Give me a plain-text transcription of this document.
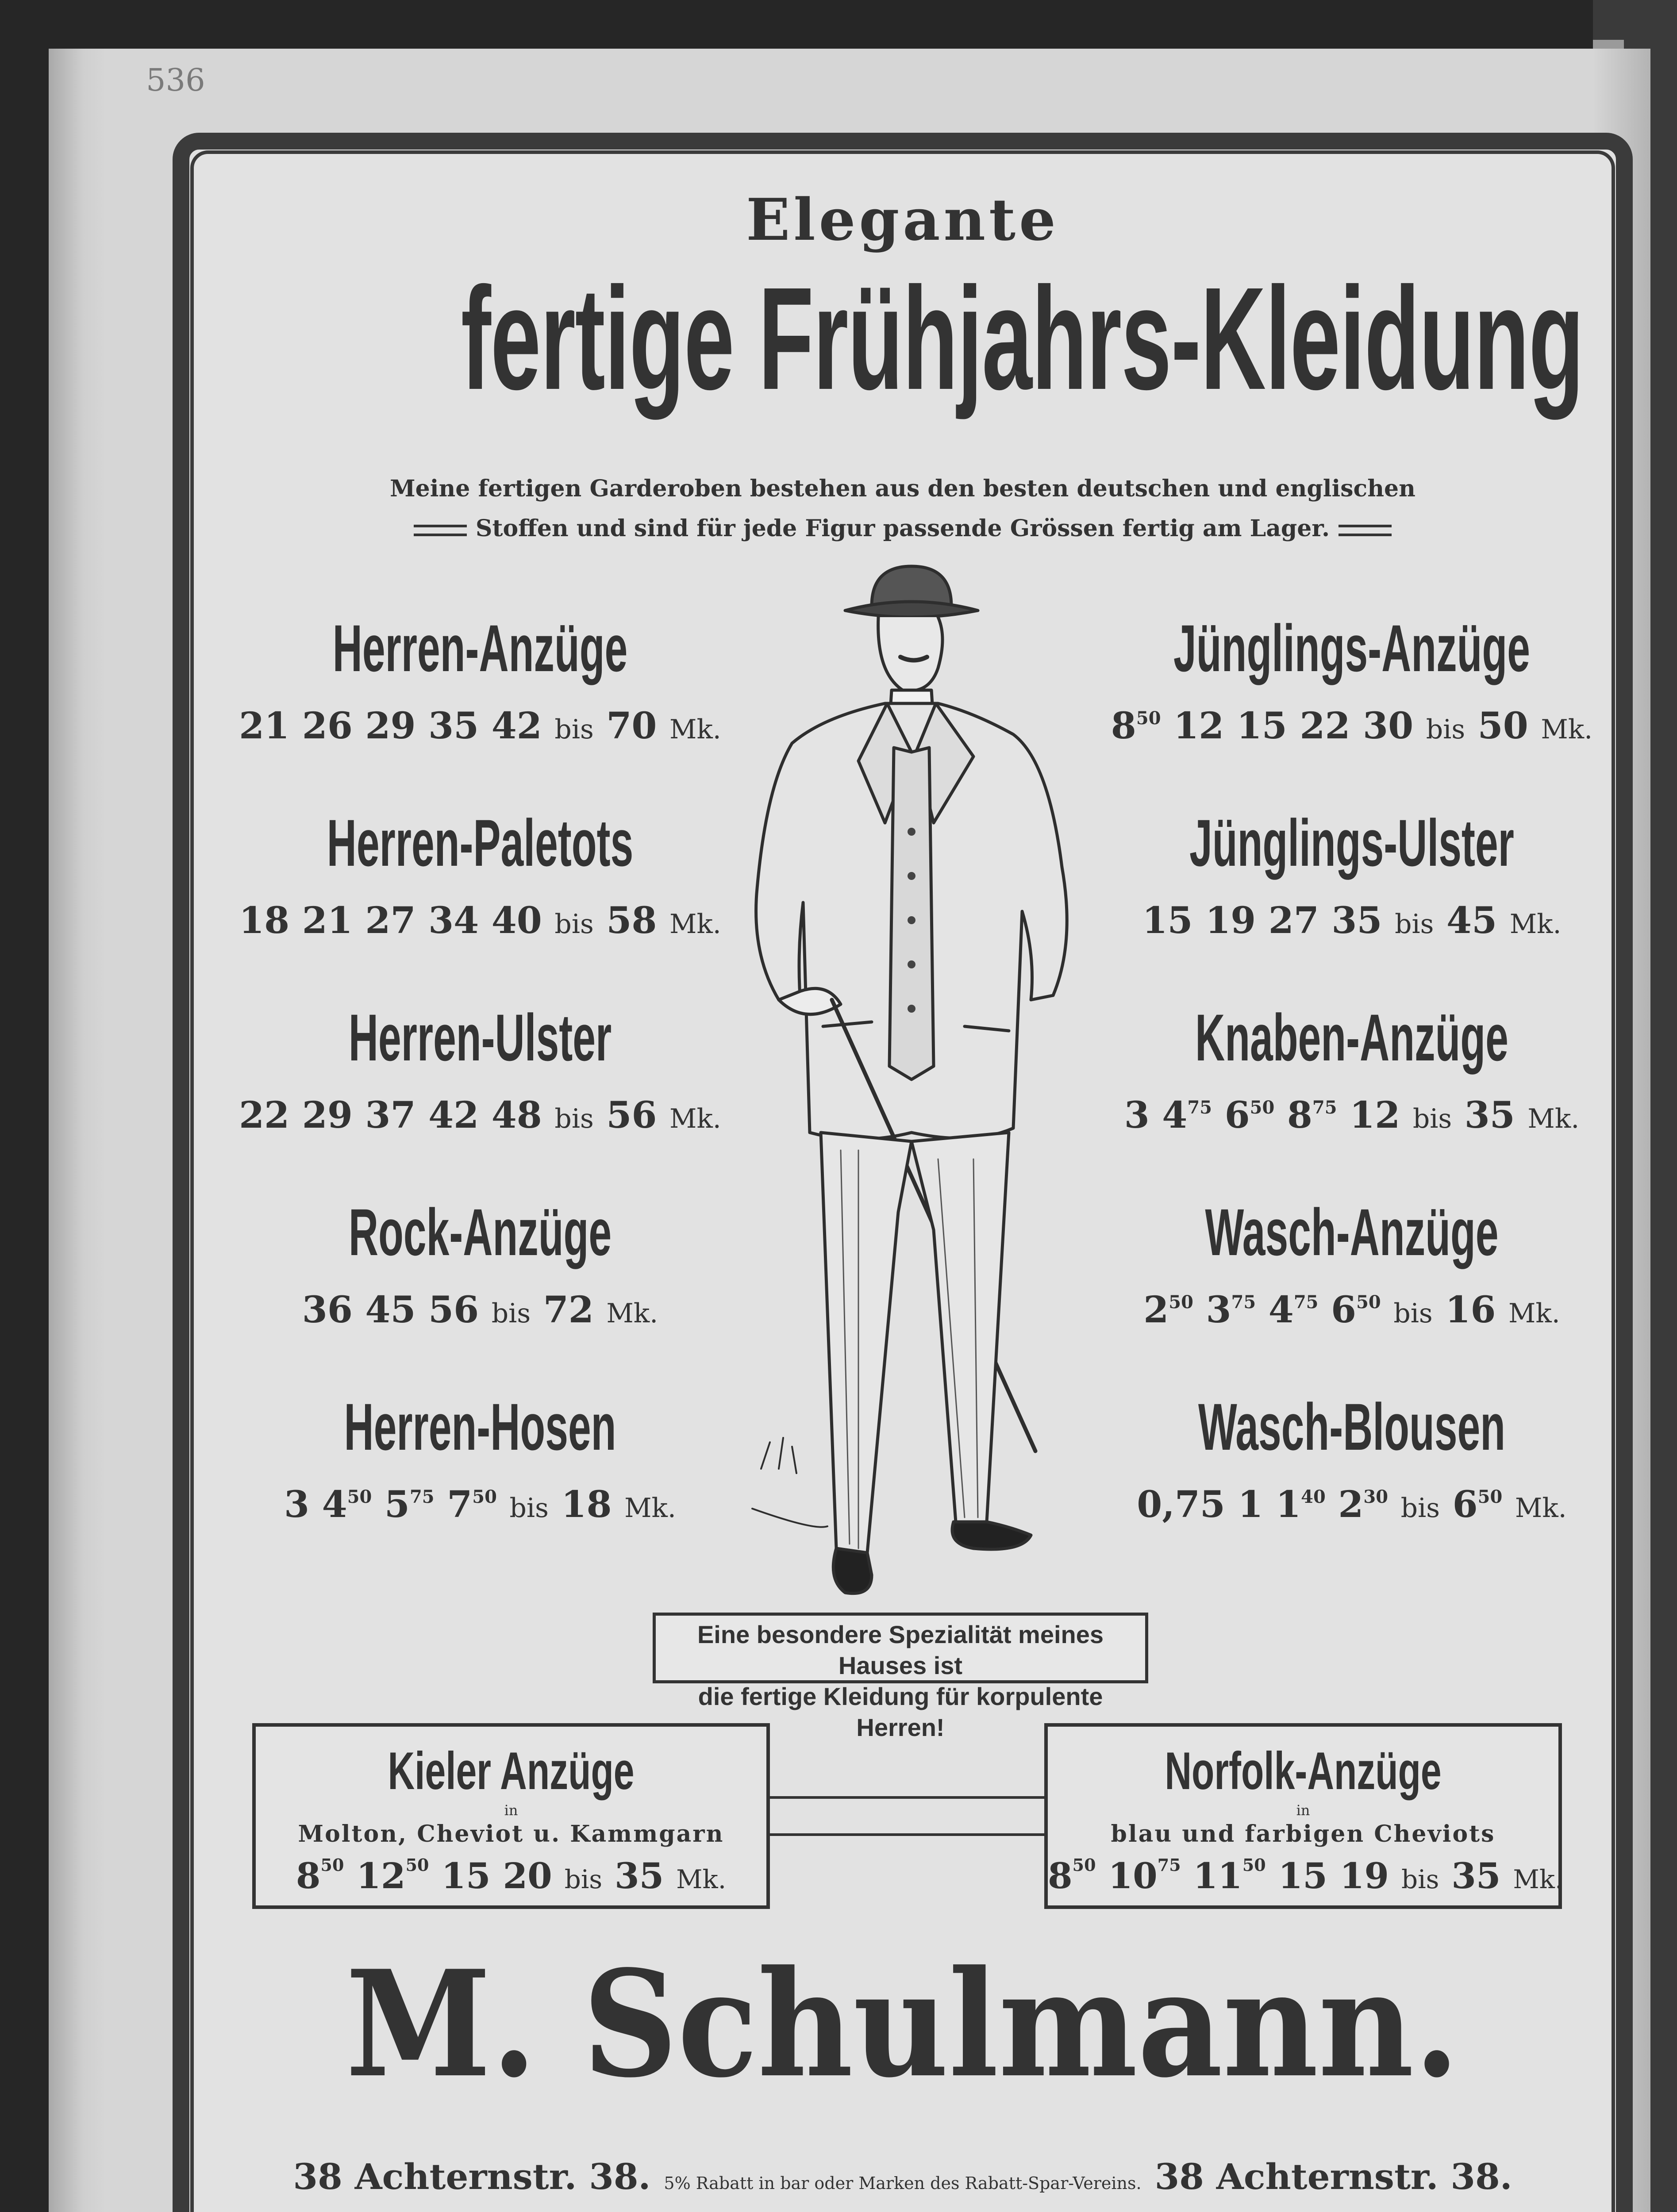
536
Elegante
fertige Frühjahrs-Kleidung
Meine fertigen Garderoben bestehen aus den besten deutschen und englischen
Stoffen und sind für jede Figur passende Grössen fertig am Lager.
Herren-Anzüge
21 26 29 35 42 bis 70 Mk.
Herren-Paletots
18 21 27 34 40 bis 58 Mk.
Herren-Ulster
22 29 37 42 48 bis 56 Mk.
Rock-Anzüge
36 45 56 bis 72 Mk.
Herren-Hosen
3 $4^{50}$ $5^{75}$ $7^{50}$ bis 18 Mk.
Jünglings-Anzüge
$8^{50}$ 12 15 22 30 bis 50 Mk.
Jünglings-Ulster
15 19 27 35 bis 45 Mk.
Knaben-Anzüge
3 $4^{75}$ $6^{50}$ $8^{75}$ 12 bis 35 Mk.
Wasch-Anzüge
$2^{50}$ $3^{75}$ $4^{75}$ $6^{50}$ bis 16 Mk.
Wasch-Blousen
0,75 1 $1^{40}$ $2^{30}$ bis $6^{50}$ Mk.
Eine besondere Spezialität meines Hauses ist
die fertige Kleidung für korpulente Herren!
Kieler Anzüge
in
Molton, Cheviot u. Kammgarn
$8^{50}$ $12^{50}$ 15 20 bis 35 Mk.
Norfolk-Anzüge
in
blau und farbigen Cheviots
$8^{50}$ $10^{75}$ $11^{50}$ 15 19 bis 35 Mk.
M. Schulmann.
38 Achternstr. 38. 5% Rabatt in bar oder Marken des Rabatt-Spar-Vereins. 38 Achternstr. 38.
